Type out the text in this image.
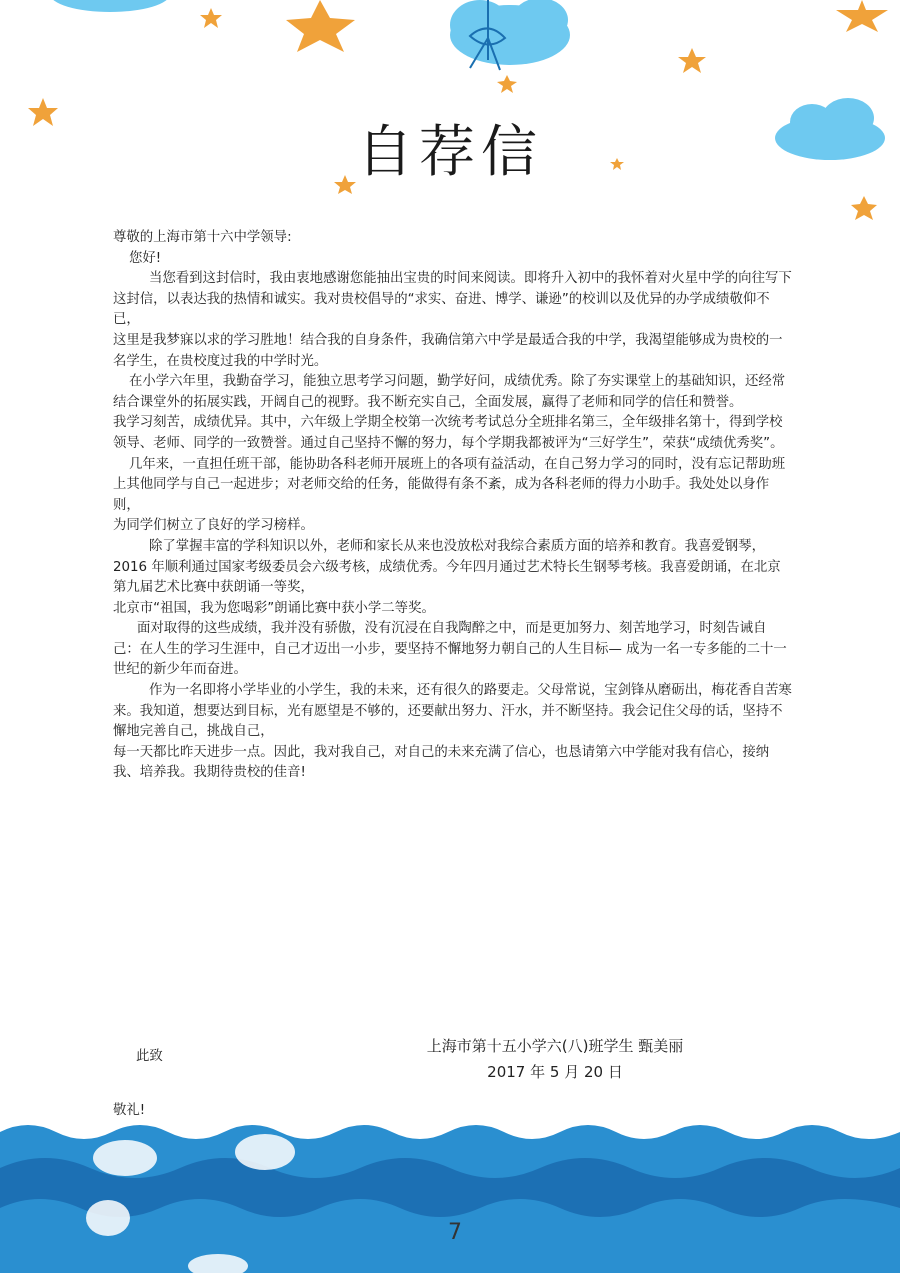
自荐信

尊敬的上海市第十六中学领导:

您好!

当您看到这封信时，我由衷地感谢您能抽出宝贵的时间来阅读。即将升入初中的我怀着对火星中学的向往写下这封信，以表达我的热情和诚实。我对贵校倡导的“求实、奋进、博学、谦逊”的校训以及优异的办学成绩敬仰不已，

这里是我梦寐以求的学习胜地！结合我的自身条件，我确信第六中学是最适合我的中学，我渴望能够成为贵校的一名学生，在贵校度过我的中学时光。

在小学六年里，我勤奋学习，能独立思考学习问题，勤学好问，成绩优秀。除了夯实课堂上的基础知识，还经常结合课堂外的拓展实践，开阔自己的视野。我不断充实自己，全面发展，赢得了老师和同学的信任和赞誉。

我学习刻苦，成绩优异。其中，六年级上学期全校第一次统考考试总分全班排名第三，全年级排名第十，得到学校领导、老师、同学的一致赞誉。通过自己坚持不懈的努力，每个学期我都被评为“三好学生”，荣获“成绩优秀奖”。

几年来，一直担任班干部，能协助各科老师开展班上的各项有益活动，在自己努力学习的同时，没有忘记帮助班上其他同学与自己一起进步；对老师交给的任务，能做得有条不紊，成为各科老师的得力小助手。我处处以身作则，

为同学们树立了良好的学习榜样。

除了掌握丰富的学科知识以外，老师和家长从来也没放松对我综合素质方面的培养和教育。我喜爱钢琴，2016 年顺利通过国家考级委员会六级考核，成绩优秀。今年四月通过艺术特长生钢琴考核。我喜爱朗诵，在北京第九届艺术比赛中获朗诵一等奖，

北京市“祖国，我为您喝彩”朗诵比赛中获小学二等奖。

面对取得的这些成绩，我并没有骄傲，没有沉浸在自我陶醉之中，而是更加努力、刻苦地学习，时刻告诫自己：在人生的学习生涯中，自己才迈出一小步，要坚持不懈地努力朝自己的人生目标— 成为一名一专多能的二十一世纪的新少年而奋进。

作为一名即将小学毕业的小学生，我的未来，还有很久的路要走。父母常说，宝剑锋从磨砺出，梅花香自苦寒来。我知道，想要达到目标，光有愿望是不够的，还要献出努力、汗水，并不断坚持。我会记住父母的话，坚持不懈地完善自己，挑战自己，

每一天都比昨天进步一点。因此，我对我自己，对自己的未来充满了信心，也恳请第六中学能对我有信心，接纳我、培养我。我期待贵校的佳音!

此致
上海市第十五小学六(八)班学生 甄美丽
2017 年 5 月 20 日
敬礼!
7
